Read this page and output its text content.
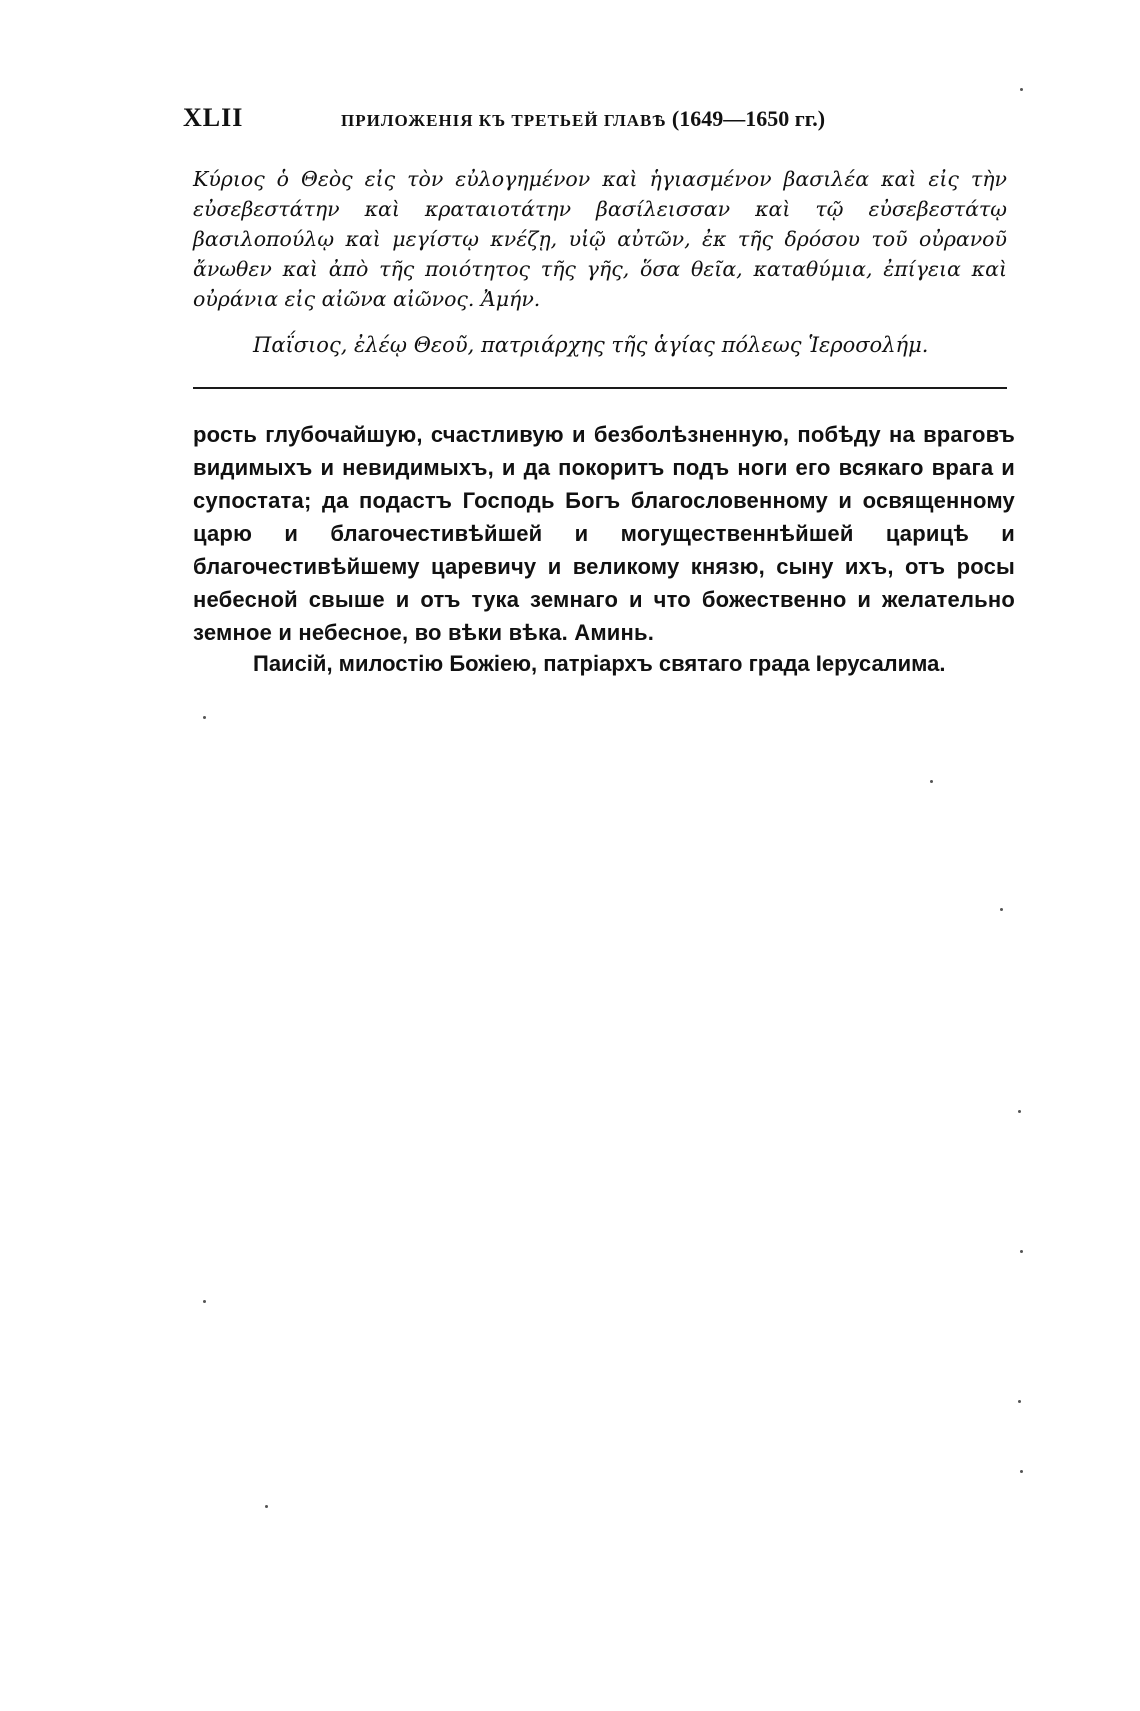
XLII	ПРИЛОЖЕНІЯ КЪ ТРЕТЬЕЙ ГЛАВѢ (1649—1650 гг.)

Κύριος ὁ Θεὸς εἰς τὸν εὐλογημένον καὶ ἡγιασμένον βασιλέα καὶ εἰς τὴν εὐσεβεστάτην καὶ κραταιοτάτην βασίλεισσαν καὶ τῷ εὐσεβεστάτῳ βασιλοπούλῳ καὶ μεγίστῳ κνέζῃ, υἱῷ αὐτῶν, ἐκ τῆς δρόσου τοῦ οὐρανοῦ ἄνωθεν καὶ ἀπὸ τῆς ποιότητος τῆς γῆς, ὅσα θεῖα, καταθύμια, ἐπίγεια καὶ οὐράνια εἰς αἰῶνα αἰῶνος. Ἀμήν.

Παΐσιος, ἐλέῳ Θεοῦ, πατριάρχης τῆς ἁγίας πόλεως Ἱεροσολήμ.

рость глубочайшую, счастливую и безболѣзненную, побѣду на враговъ видимыхъ и невидимыхъ, и да покоритъ подъ ноги его всякаго врага и супостата; да подастъ Господь Богъ благословенному и освященному царю и благочестивѣйшей и могущественнѣйшей царицѣ и благочестивѣйшему царевичу и великому князю, сыну ихъ, отъ росы небесной свыше и отъ тука земнаго и что божественно и желательно земное и небесное, во вѣки вѣка. Аминь.

Паисій, милостію Божіею, патріархъ святаго града Іерусалима.
